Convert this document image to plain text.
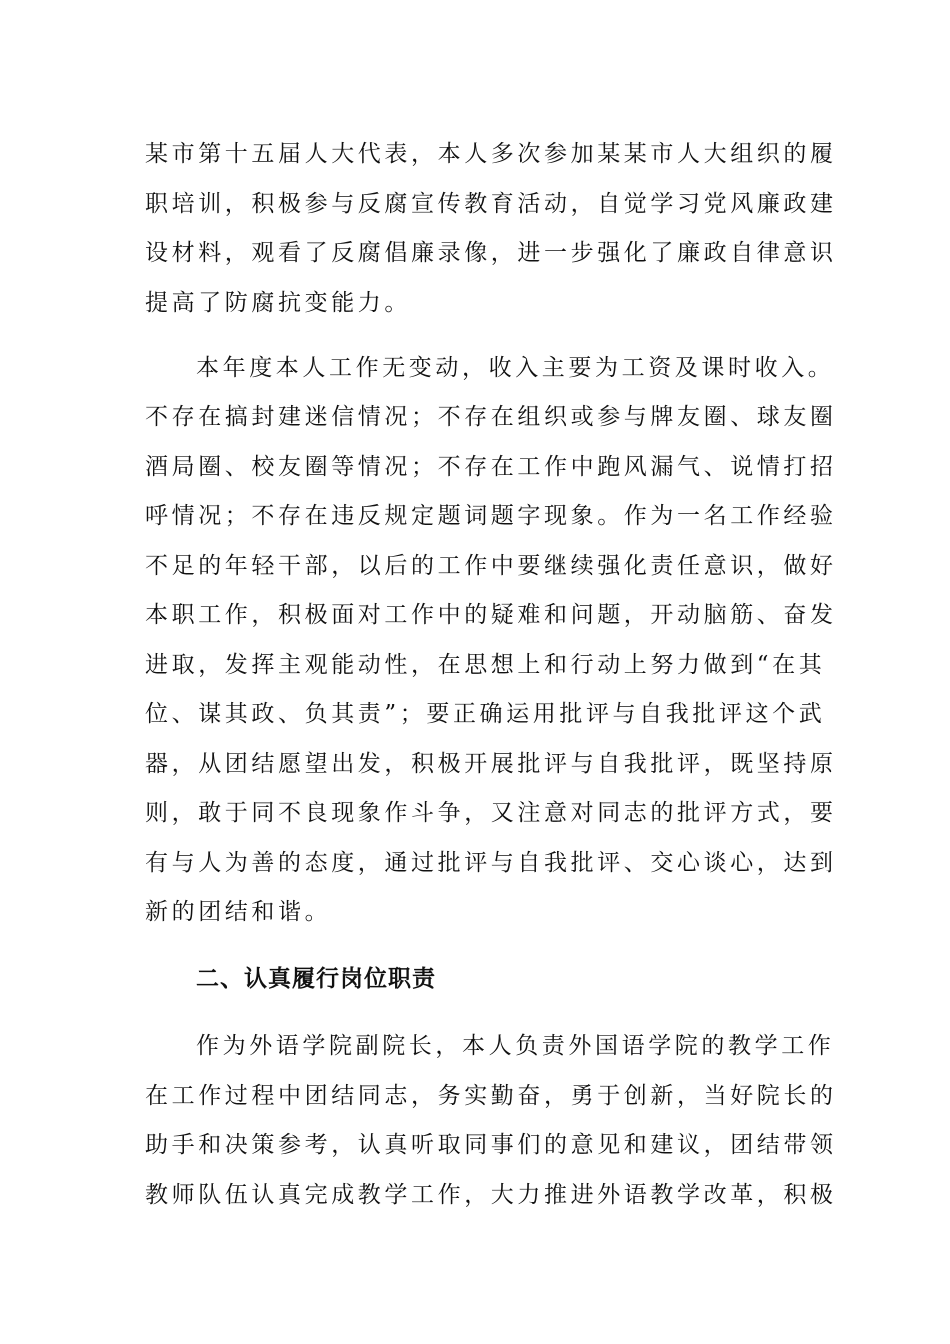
某市第十五届人大代表，本人多次参加某某市人大组织的履
职培训，积极参与反腐宣传教育活动，自觉学习党风廉政建
设材料，观看了反腐倡廉录像，进一步强化了廉政自律意识
提高了防腐抗变能力。
本年度本人工作无变动，收入主要为工资及课时收入。
不存在搞封建迷信情况；不存在组织或参与牌友圈、球友圈
酒局圈、校友圈等情况；不存在工作中跑风漏气、说情打招
呼情况；不存在违反规定题词题字现象。作为一名工作经验
不足的年轻干部，以后的工作中要继续强化责任意识，做好
本职工作，积极面对工作中的疑难和问题，开动脑筋、奋发
进取，发挥主观能动性，在思想上和行动上努力做到“在其
位、谋其政、负其责”；要正确运用批评与自我批评这个武
器，从团结愿望出发，积极开展批评与自我批评，既坚持原
则，敢于同不良现象作斗争，又注意对同志的批评方式，要
有与人为善的态度，通过批评与自我批评、交心谈心，达到
新的团结和谐。
二、认真履行岗位职责
作为外语学院副院长，本人负责外国语学院的教学工作
在工作过程中团结同志，务实勤奋，勇于创新，当好院长的
助手和决策参考，认真听取同事们的意见和建议，团结带领
教师队伍认真完成教学工作，大力推进外语教学改革，积极
